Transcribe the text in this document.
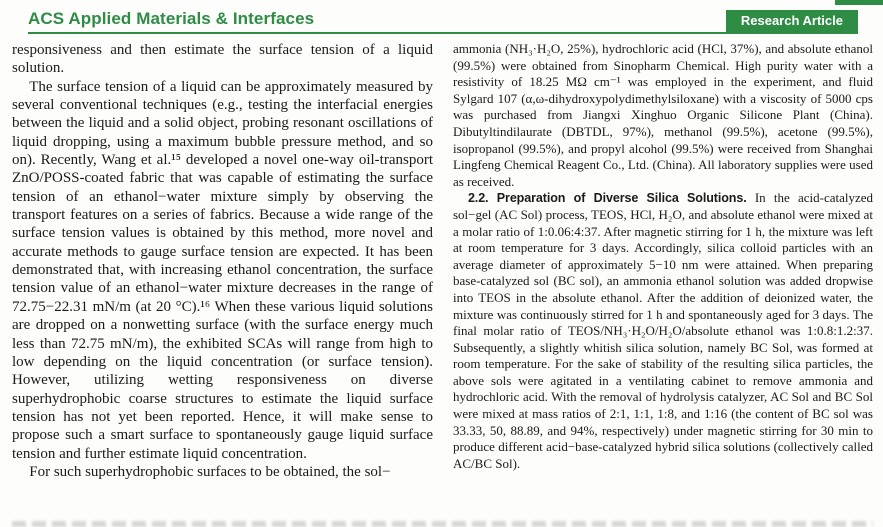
ACS Applied Materials & Interfaces	Research Article

responsiveness and then estimate the surface tension of a liquid solution.

The surface tension of a liquid can be approximately measured by several conventional techniques (e.g., testing the interfacial energies between the liquid and a solid object, probing resonant oscillations of liquid dropping, using a maximum bubble pressure method, and so on). Recently, Wang et al.¹⁵ developed a novel one-way oil-transport ZnO/POSS-coated fabric that was capable of estimating the surface tension of an ethanol−water mixture simply by observing the transport features on a series of fabrics. Because a wide range of the surface tension values is obtained by this method, more novel and accurate methods to gauge surface tension are expected. It has been demonstrated that, with increasing ethanol concentration, the surface tension value of an ethanol−water mixture decreases in the range of 72.75−22.31 mN/m (at 20 °C).¹⁶ When these various liquid solutions are dropped on a nonwetting surface (with the surface energy much less than 72.75 mN/m), the exhibited SCAs will range from high to low depending on the liquid concentration (or surface tension). However, utilizing wetting responsiveness on diverse superhydrophobic coarse structures to estimate the liquid surface tension has not yet been reported. Hence, it will make sense to propose such a smart surface to spontaneously gauge liquid surface tension and further estimate liquid concentration.

For such superhydrophobic surfaces to be obtained, the sol−

ammonia (NH₃·H₂O, 25%), hydrochloric acid (HCl, 37%), and absolute ethanol (99.5%) were obtained from Sinopharm Chemical. High purity water with a resistivity of 18.25 MΩ cm⁻¹ was employed in the experiment, and fluid Sylgard 107 (α,ω-dihydroxypolydimethylsiloxane) with a viscosity of 5000 cps was purchased from Jiangxi Xinghuo Organic Silicone Plant (China). Dibutyltindilaurate (DBTDL, 97%), methanol (99.5%), acetone (99.5%), isopropanol (99.5%), and propyl alcohol (99.5%) were received from Shanghai Lingfeng Chemical Reagent Co., Ltd. (China). All laboratory supplies were used as received.

2.2. Preparation of Diverse Silica Solutions. In the acid-catalyzed sol−gel (AC Sol) process, TEOS, HCl, H₂O, and absolute ethanol were mixed at a molar ratio of 1:0.06:4:37. After magnetic stirring for 1 h, the mixture was left at room temperature for 3 days. Accordingly, silica colloid particles with an average diameter of approximately 5−10 nm were attained. When preparing base-catalyzed sol (BC sol), an ammonia ethanol solution was added dropwise into TEOS in the absolute ethanol. After the addition of deionized water, the mixture was continuously stirred for 1 h and spontaneously aged for 3 days. The final molar ratio of TEOS/NH₃·H₂O/H₂O/absolute ethanol was 1:0.8:1.2:37. Subsequently, a slightly whitish silica solution, namely BC Sol, was formed at room temperature. For the sake of stability of the resulting silica particles, the above sols were agitated in a ventilating cabinet to remove ammonia and hydrochloric acid. With the removal of hydrolysis catalyzer, AC Sol and BC Sol were mixed at mass ratios of 2:1, 1:1, 1:8, and 1:16 (the content of BC sol was 33.33, 50, 88.89, and 94%, respectively) under magnetic stirring for 30 min to produce different acid−base-catalyzed hybrid silica solutions (collectively called AC/BC Sol).
